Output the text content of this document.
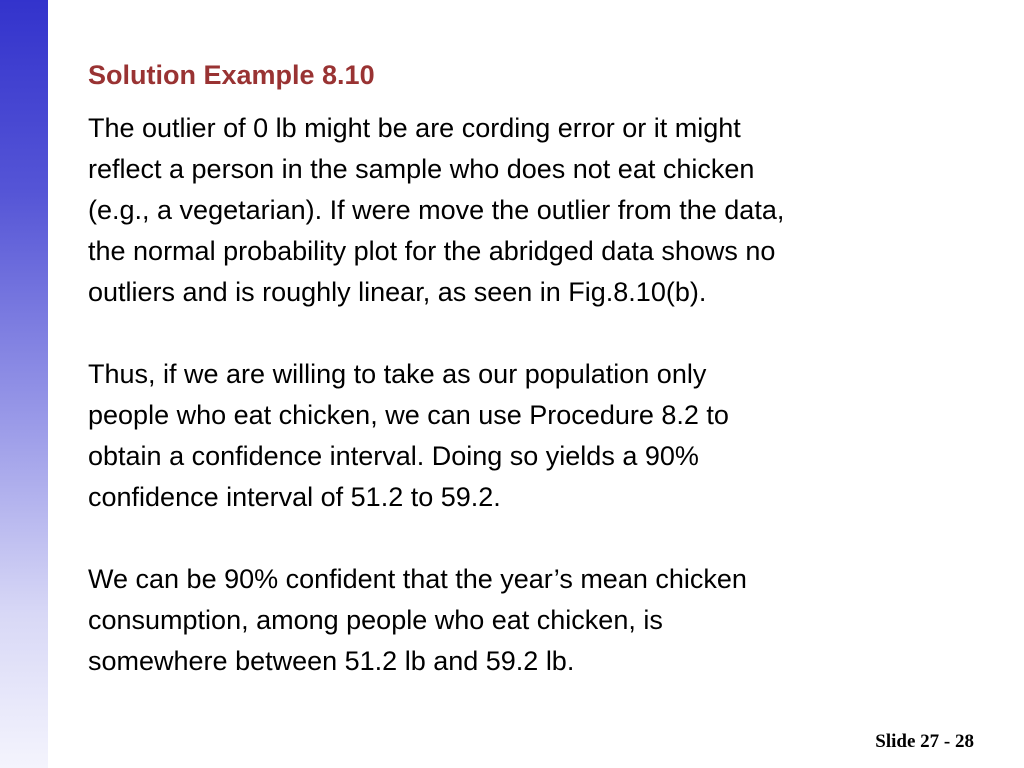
Solution Example 8.10
The outlier of 0 lb might be are cording error or it might
reflect a person in the sample who does not eat chicken
(e.g., a vegetarian). If were move the outlier from the data,
the normal probability plot for the abridged data shows no
outliers and is roughly linear, as seen in Fig.8.10(b).
Thus, if we are willing to take as our population only
people who eat chicken, we can use Procedure 8.2 to
obtain a confidence interval. Doing so yields a 90%
confidence interval of 51.2 to 59.2.
We can be 90% confident that the year’s mean chicken
consumption, among people who eat chicken, is
somewhere between 51.2 lb and 59.2 lb.
Slide 27 - 28
